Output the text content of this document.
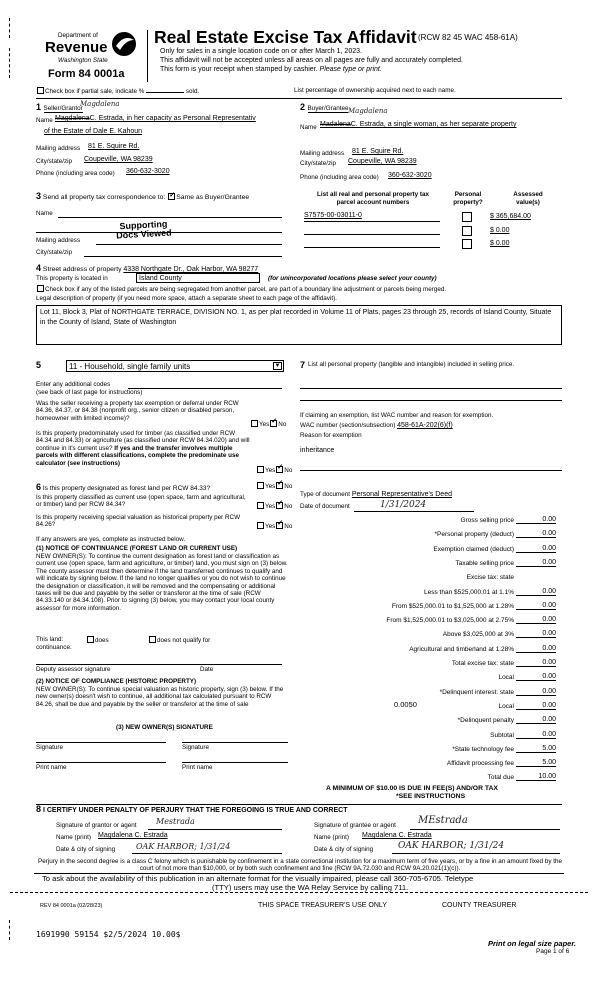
Department of
Revenue
Washington State
Form 84 0001a
Real Estate Excise Tax Affidavit (RCW 82 45 WAC 458-61A)
Only for sales in a single location code on or after March 1, 2023.
This affidavit will not be accepted unless all areas on all pages are fully and accurately completed.
This form is your receipt when stamped by cashier. Please type or print.
Check box if partial sale, indicate %	sold.	List percentage of ownership acquired next to each name.
1 Seller/Grantor
Magdalena
Name MagdalenaC. Estrada, in her capacity as Personal Representativ
of the Estate of Dale E. Kahoun
Mailing address 81 E. Squire Rd.
City/state/zip Coupeville, WA 98239
Phone (including area code) 360-632-3020
2 Buyer/Grantee Magdalena
Name MadalenaC. Estrada, a single woman, as her separate property
Mailing address 81 E. Squire Rd.
City/state/zip Coupeville, WA 98239
Phone (including area code) 360-632-3020
3 Send all property tax correspondence to: ✓ Same as Buyer/Grantee
Name
Supporting
Docs Viewed
Mailing address
City/state/zip
List all real and personal property tax
parcel account numbers
Personal
property?
Assessed
value(s)
S7575-00-03011-0	$ 365,684.00
$ 0.00
$ 0.00
4 Street address of property 4338 Northgate Dr., Oak Harbor, WA 98277
This property is located in	Island County	(for unincorporated locations please select your county)
Check box if any of the listed parcels are being segregated from another parcel, are part of a boundary line adjustment or parcels being merged.
Legal description of property (if you need more space, attach a separate sheet to each page of the affidavit).
Lot 11, Block 3, Plat of NORTHGATE TERRACE, DIVISION NO. 1, as per plat recorded in Volume 11 of Plats, pages 23 through 25, records of Island County, Situate in the County of Island, State of Washington
5	11 - Household, single family units	▼
Enter any additional codes
(see back of last page for instructions)
Was the seller receiving a property tax exemption or deferral under RCW 84.36, 84.37, or 84.38 (nonprofit org., senior citizen or disabled person, homeowner with limited income)?
Yes ✓ No
Is this property predominately used for timber (as classified under RCW 84.34 and 84.33) or agriculture (as classified under RCW 84.34.020) and will continue in it's current use? If yes and the transfer involves multiple parcels with different classifications, complete the predominate use calculator (see instructions)
Yes ✓ No
6 Is this property designated as forest land per RCW 84.33?	Yes ✓ No
Is this property classified as current use (open space, farm and agricultural, or timber) land per RCW 84.34?	Yes ✓ No
Is this property receiving special valuation as historical property per RCW 84.26?	Yes ✓ No
If any answers are yes, complete as instructed below.
(1) NOTICE OF CONTINUANCE (FOREST LAND OR CURRENT USE)
NEW OWNER(S): To continue the current designation as forest land or classification as current use (open space, farm and agriculture, or timber) land, you must sign on (3) below. The county assessor must then determine if the land transferred continues to qualify and will indicate by signing below. If the land no longer qualifies or you do not wish to continue the designation or classification, it will be removed and the compensating or additional taxes will be due and payable by the seller or transferor at the time of sale (RCW 84.33.140 or 84.34.108). Prior to signing (3) below, you may contact your local county assessor for more information.
This land:	does	does not qualify for
continuance.
Deputy assessor signature	Date
(2) NOTICE OF COMPLIANCE (HISTORIC PROPERTY)
NEW OWNER(S): To continue special valuation as historic property, sign (3) below. If the new owner(s) doesn't wish to continue, all additional tax calculated pursuant to RCW 84.26, shall be due and payable by the seller or transferor at the time of sale
(3) NEW OWNER(S) SIGNATURE
Signature	Signature
Print name	Print name
7 List all personal property (tangible and intangible) included in selling price.
If claiming an exemption, list WAC number and reason for exemption.
WAC number (section/subsection) 458-61A-202(6)(f)
Reason for exemption
inheritance
Type of document Personal Representative's Deed
Date of document	1/31/2024
Gross selling price	0.00
*Personal property (deduct)	0.00
Exemption claimed (deduct)	0.00
Taxable selling price	0.00
Excise tax: state
Less than $525,000.01 at 1.1%	0.00
From $525,000.01 to $1,525,000 at 1.28%	0.00
From $1,525,000.01 to $3,025,000 at 2.75%	0.00
Above $3,025,000 at 3%	0.00
Agricultural and timberland at 1.28%	0.00
Total excise tax: state	0.00
Local	0.00
*Delinquent interest: state	0.00
Local	0.00
*Delinquent penalty	0.00
Subtotal	0.00
*State technology fee	5.00
Affidavit processing fee	5.00
Total due	10.00
0.0050
A MINIMUM OF $10.00 IS DUE IN FEE(S) AND/OR TAX
*SEE INSTRUCTIONS
8 I CERTIFY UNDER PENALTY OF PERJURY THAT THE FOREGOING IS TRUE AND CORRECT
Signature of grantor or agent Mestrada
Name (print) Magdalena C. Estrada
Date & city of signing	OAK HARBOR; 1/31/24
Signature of grantee or agent MEstrada
Name (print) Magdalena C. Estrada
Date & city of signing	OAK HARBOR; 1/31/24
Perjury in the second degree is a class C felony which is punishable by confinement in a state correctional institution for a maximum term of five years, or by a fine in an amount fixed by the court of not more than $10,000, or by both such confinement and fine (RCW 9A.72.030 and RCW 9A.20.021(1)(c)).
To ask about the availability of this publication in an alternate format for the visually impaired, please call 360-705-6705. Teletype
(TTY) users may use the WA Relay Service by calling 711.
REV 84 0001a (02/28/23)	THIS SPACE TREASURER'S USE ONLY	COUNTY TREASURER
1691990 59154 $2/5/2024 10.00$
Print on legal size paper.
Page 1 of 6
